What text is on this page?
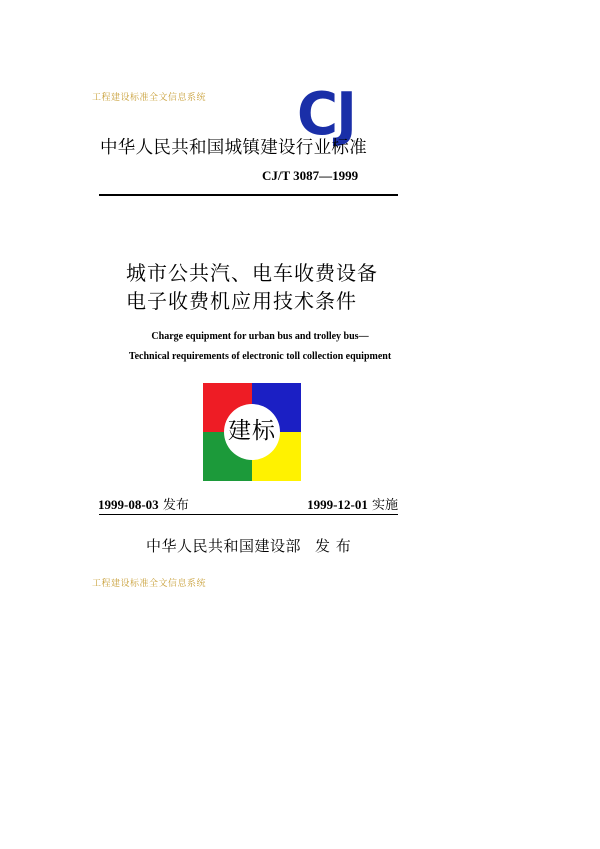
工程建设标准全文信息系统 CJ
中华人民共和国城镇建设行业标准
CJ/T 3087—1999
城市公共汽、电车收费设备
电子收费机应用技术条件
Charge equipment for urban bus and trolley bus—
Technical requirements of electronic toll collection equipment
建标
1999-08-03 发布	1999-12-01 实施
中华人民共和国建设部 发 布
工程建设标准全文信息系统
